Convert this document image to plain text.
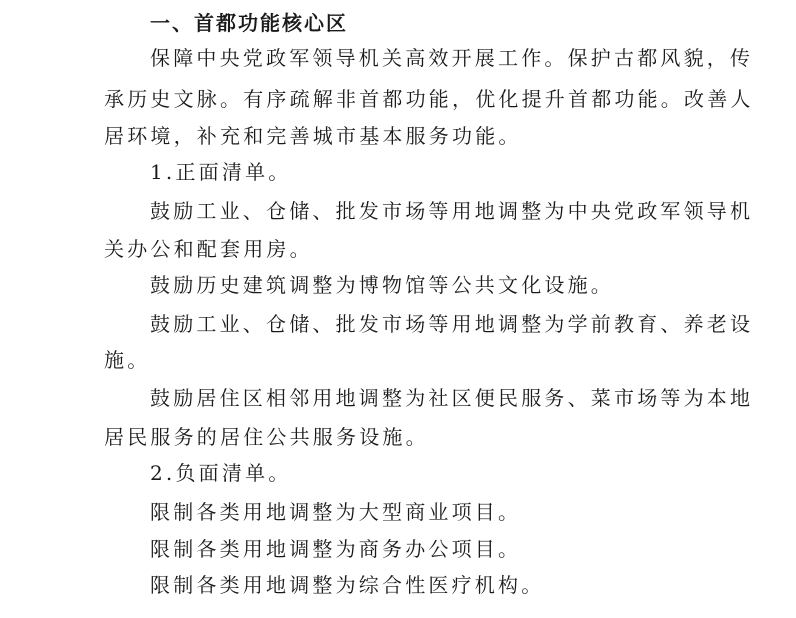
一、首都功能核心区
保障中央党政军领导机关高效开展工作。保护古都风貌，传
承历史文脉。有序疏解非首都功能，优化提升首都功能。改善人
居环境，补充和完善城市基本服务功能。
1.正面清单。
鼓励工业、仓储、批发市场等用地调整为中央党政军领导机
关办公和配套用房。
鼓励历史建筑调整为博物馆等公共文化设施。
鼓励工业、仓储、批发市场等用地调整为学前教育、养老设
施。
鼓励居住区相邻用地调整为社区便民服务、菜市场等为本地
居民服务的居住公共服务设施。
2.负面清单。
限制各类用地调整为大型商业项目。
限制各类用地调整为商务办公项目。
限制各类用地调整为综合性医疗机构。
